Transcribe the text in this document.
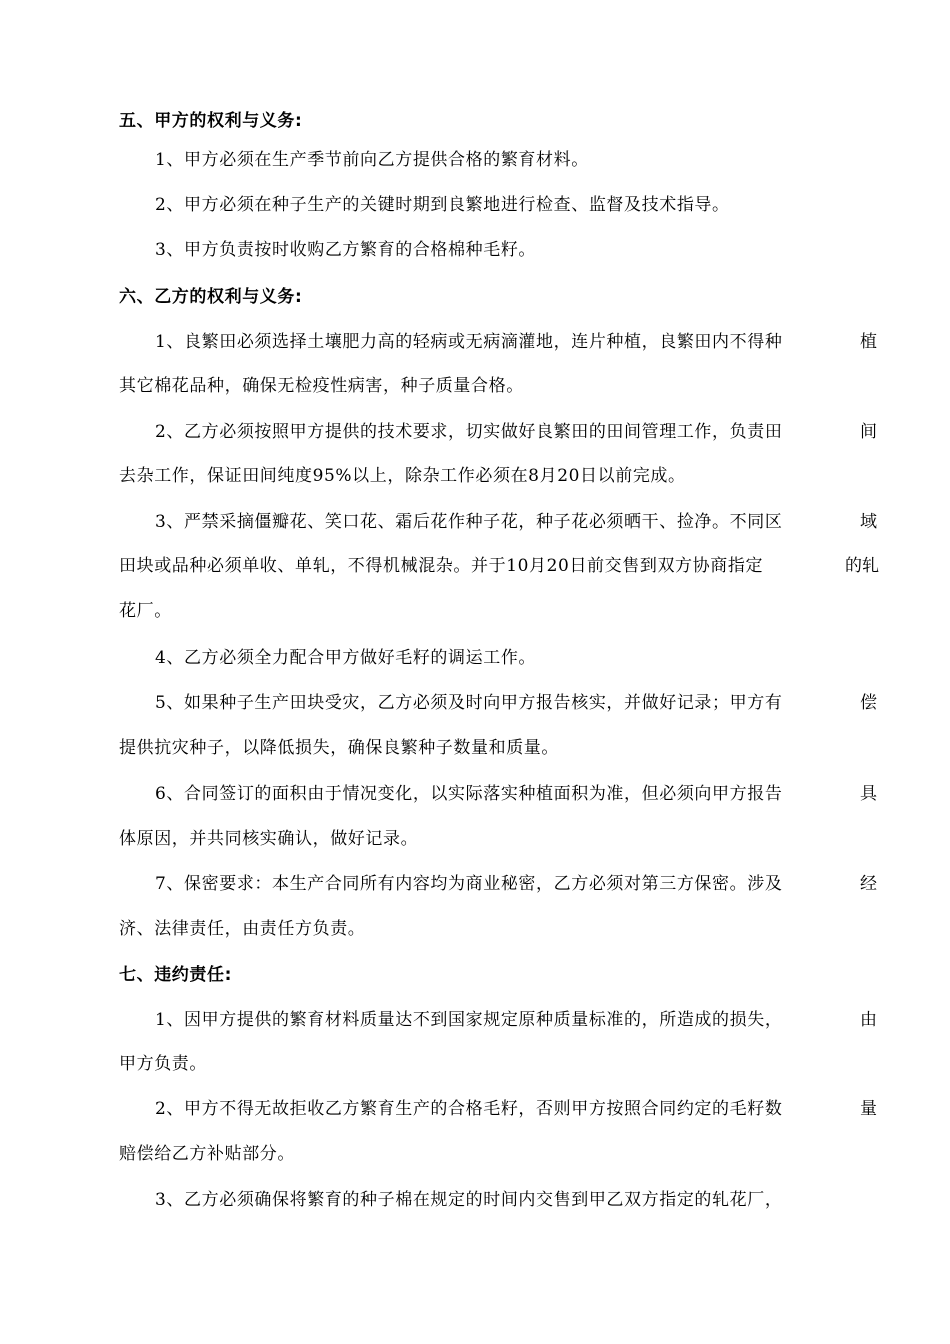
五、甲方的权利与义务:
1、甲方必须在生产季节前向乙方提供合格的繁育材料。
2、甲方必须在种子生产的关键时期到良繁地进行检查、监督及技术指导。
3、甲方负责按时收购乙方繁育的合格棉种毛籽。
六、乙方的权利与义务:
1、良繁田必须选择土壤肥力高的轻病或无病滴灌地，连片种植，良繁田内不得种	植
其它棉花品种，确保无检疫性病害，种子质量合格。
2、乙方必须按照甲方提供的技术要求，切实做好良繁田的田间管理工作，负责田	间
去杂工作，保证田间纯度95%以上，除杂工作必须在8月20日以前完成。
3、严禁采摘僵瓣花、笑口花、霜后花作种子花，种子花必须晒干、捡净。不同区	域
田块或品种必须单收、单轧，不得机械混杂。并于10月20日前交售到双方协商指定	的轧
花厂。
4、乙方必须全力配合甲方做好毛籽的调运工作。
5、如果种子生产田块受灾，乙方必须及时向甲方报告核实，并做好记录；甲方有	偿
提供抗灾种子，以降低损失，确保良繁种子数量和质量。
6、合同签订的面积由于情况变化，以实际落实种植面积为准，但必须向甲方报告	具
体原因，并共同核实确认，做好记录。
7、保密要求：本生产合同所有内容均为商业秘密，乙方必须对第三方保密。涉及	经
济、法律责任，由责任方负责。
七、违约责任:
1、因甲方提供的繁育材料质量达不到国家规定原种质量标准的，所造成的损失，	由
甲方负责。
2、甲方不得无故拒收乙方繁育生产的合格毛籽，否则甲方按照合同约定的毛籽数	量
赔偿给乙方补贴部分。
3、乙方必须确保将繁育的种子棉在规定的时间内交售到甲乙双方指定的轧花厂，
